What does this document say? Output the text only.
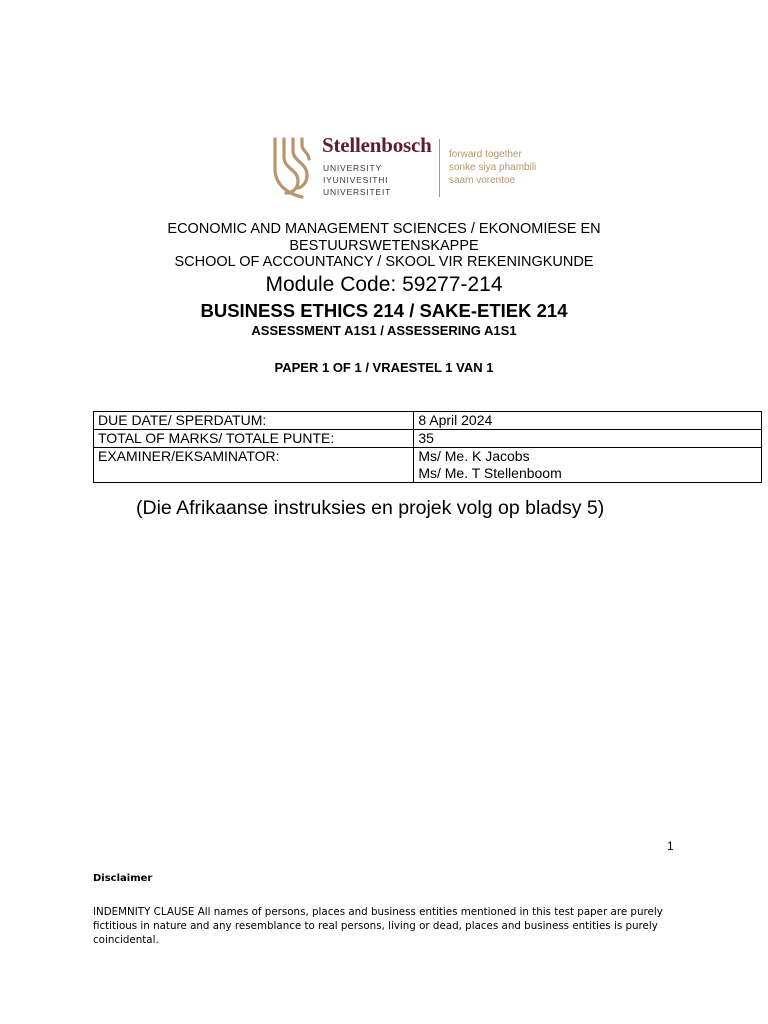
Stellenbosch
UNIVERSITY
IYUNIVESITHI
UNIVERSITEIT
forward together
sonke siya phambili
saam vorentoe
ECONOMIC AND MANAGEMENT SCIENCES / EKONOMIESE EN
BESTUURSWETENSKAPPE
SCHOOL OF ACCOUNTANCY / SKOOL VIR REKENINGKUNDE
Module Code: 59277-214
BUSINESS ETHICS 214 / SAKE-ETIEK 214
ASSESSMENT A1S1 / ASSESSERING A1S1
PAPER 1 OF 1 / VRAESTEL 1 VAN 1
DUE DATE/ SPERDATUM:	8 April 2024
TOTAL OF MARKS/ TOTALE PUNTE:	35
EXAMINER/EKSAMINATOR:	Ms/ Me. K Jacobs
Ms/ Me. T Stellenboom
(Die Afrikaanse instruksies en projek volg op bladsy 5)
1
Disclaimer
INDEMNITY CLAUSE All names of persons, places and business entities mentioned in this test paper are purely fictitious in nature and any resemblance to real persons, living or dead, places and business entities is purely coincidental.
